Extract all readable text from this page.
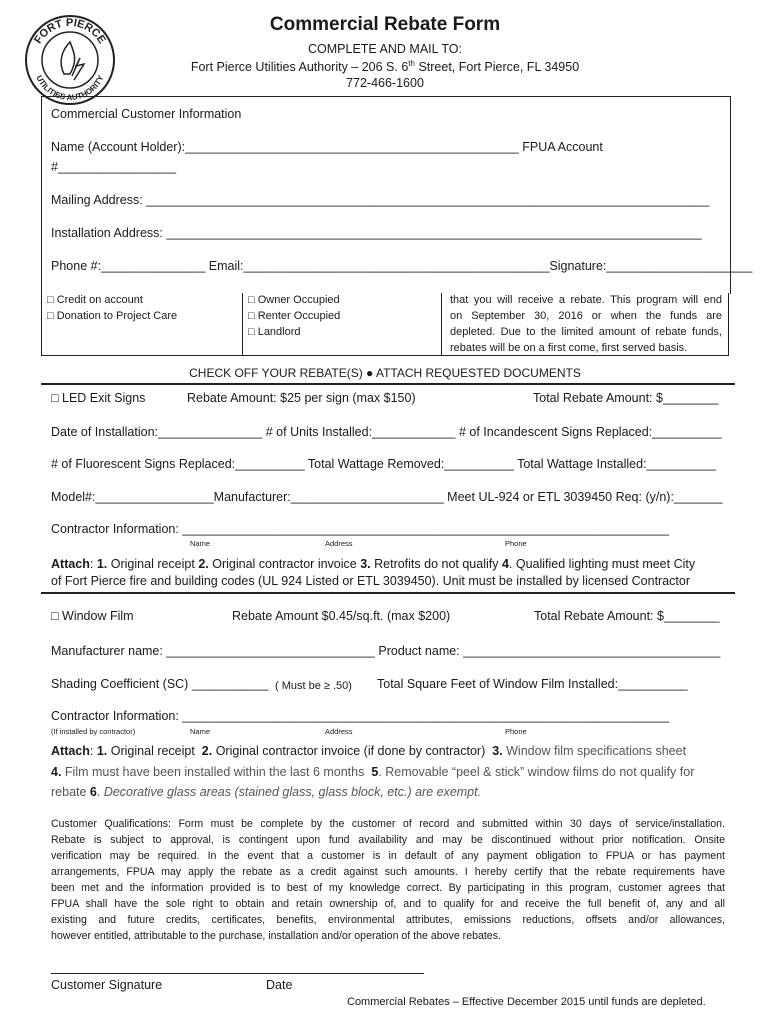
FORT PIERCE
UTILITIES AUTHORITY
Commercial Rebate Form
COMPLETE AND MAIL TO:
Fort Pierce Utilities Authority – 206 S. 6th Street, Fort Pierce, FL 34950
772-466-1600
Commercial Customer Information
Name (Account Holder):________________________________________________ FPUA Account
#_________________
Mailing Address: _________________________________________________________________________________
Installation Address: _____________________________________________________________________________
Phone #:_______________ Email:____________________________________________Signature:_____________________
□ Credit on account
□ Donation to Project Care
□ Owner Occupied
□ Renter Occupied
□ Landlord
that you will receive a rebate. This program will end
on September 30, 2016 or when the funds are
depleted. Due to the limited amount of rebate funds,
rebates will be on a first come, first served basis.
CHECK OFF YOUR REBATE(S) ● ATTACH REQUESTED DOCUMENTS
□ LED Exit Signs	Rebate Amount: $25 per sign (max $150)	Total Rebate Amount: $________
Date of Installation:_______________ # of Units Installed:____________ # of Incandescent Signs Replaced:__________
# of Fluorescent Signs Replaced:__________ Total Wattage Removed:__________ Total Wattage Installed:__________
Model#:_________________Manufacturer:______________________ Meet UL-924 or ETL 3039450 Req: (y/n):_______
Contractor Information: ______________________________________________________________________
Name	Address	Phone
Attach: 1. Original receipt 2. Original contractor invoice 3. Retrofits do not qualify 4. Qualified lighting must meet City
of Fort Pierce fire and building codes (UL 924 Listed or ETL 3039450). Unit must be installed by licensed Contractor
□ Window Film	Rebate Amount $0.45/sq.ft. (max $200)	Total Rebate Amount: $________
Manufacturer name: ______________________________ Product name: _____________________________________
Shading Coefficient (SC) ___________ ( Must be ≥ .50) Total Square Feet of Window Film Installed:__________
Contractor Information: ______________________________________________________________________
(If installed by contractor)	Name	Address	Phone
Attach: 1. Original receipt  2. Original contractor invoice (if done by contractor)  3. Window film specifications sheet
4. Film must have been installed within the last 6 months  5. Removable “peel & stick” window films do not qualify for
rebate 6. Decorative glass areas (stained glass, glass block, etc.) are exempt.
Customer Qualifications: Form must be complete by the customer of record and submitted within 30 days of service/installation.
Rebate is subject to approval, is contingent upon fund availability and may be discontinued without prior notification. Onsite
verification may be required. In the event that a customer is in default of any payment obligation to FPUA or has payment
arrangements, FPUA may apply the rebate as a credit against such amounts. I hereby certify that the rebate requirements have
been met and the information provided is to best of my knowledge correct. By participating in this program, customer agrees that
FPUA shall have the sole right to obtain and retain ownership of, and to qualify for and receive the full benefit of, any and all
existing and future credits, certificates, benefits, environmental attributes, emissions reductions, offsets and/or allowances,
however entitled, attributable to the purchase, installation and/or operation of the above rebates.
Customer Signature	Date
Commercial Rebates – Effective December 2015 until funds are depleted.
